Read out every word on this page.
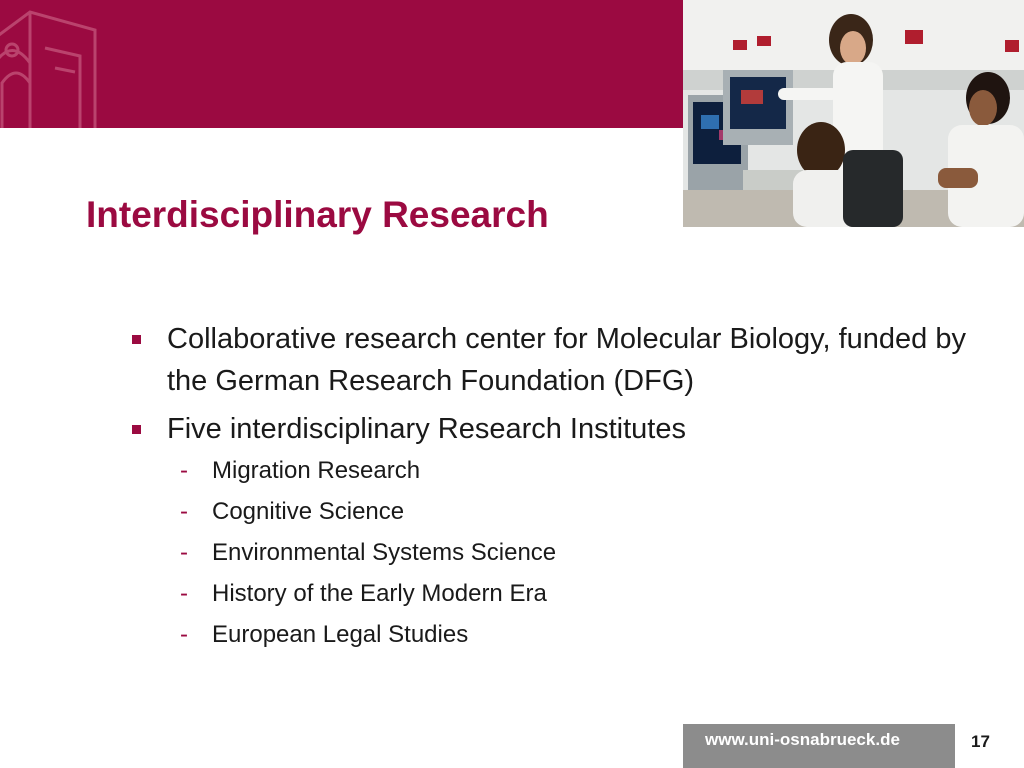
Interdisciplinary Research
Collaborative research center for Molecular Biology, funded by the German Research Foundation (DFG)
Five interdisciplinary Research Institutes
- Migration Research
- Cognitive Science
- Environmental Systems Science
- History of the Early Modern Era
- European Legal Studies
www.uni-osnabrueck.de	17
